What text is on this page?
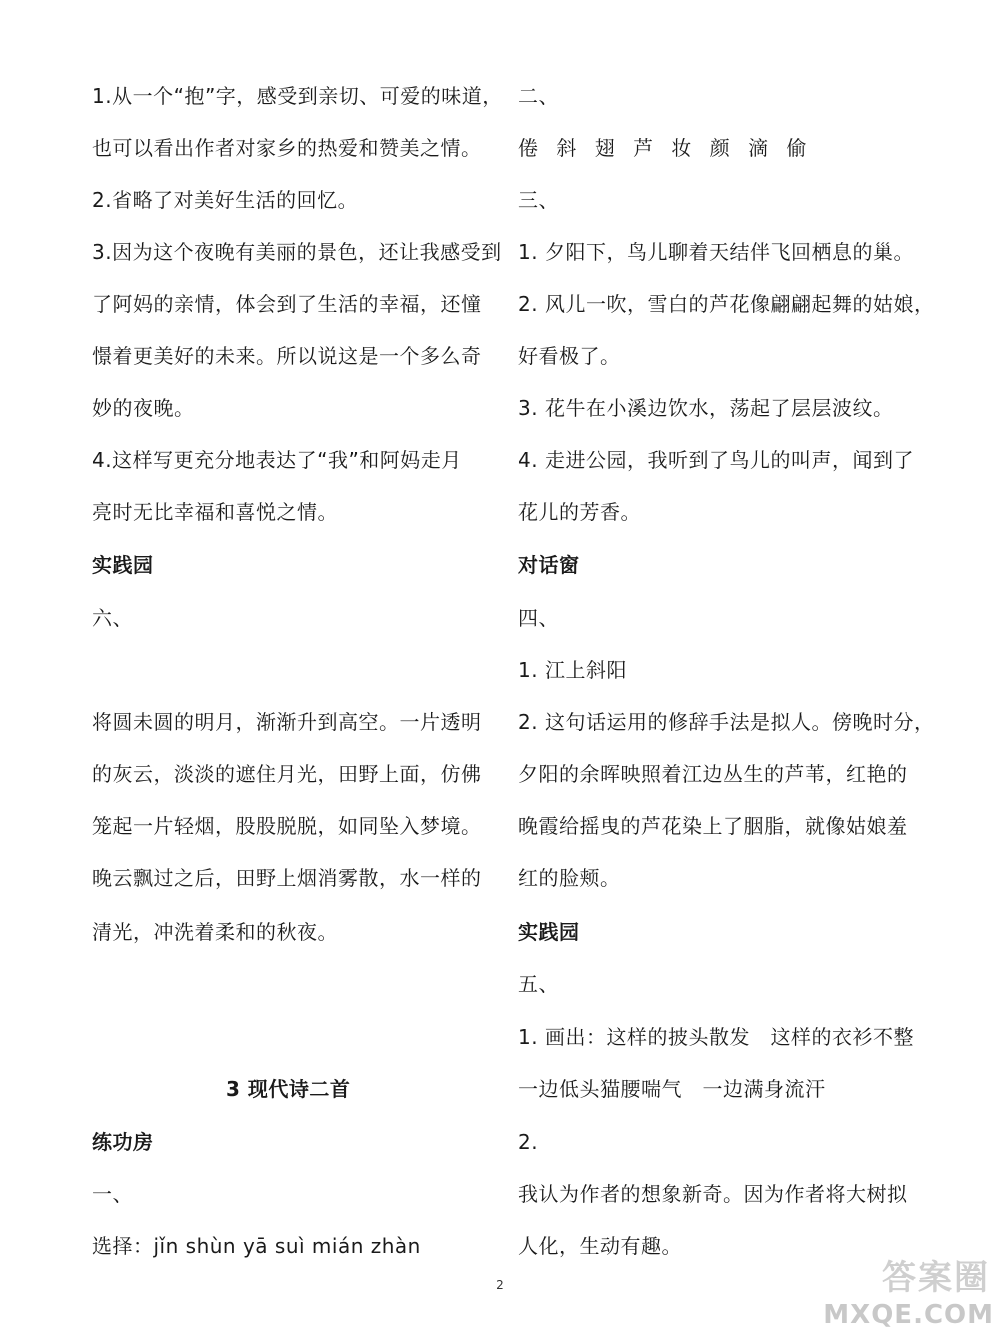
1.从一个“抱”字，感受到亲切、可爱的味道，
也可以看出作者对家乡的热爱和赞美之情。
2.省略了对美好生活的回忆。
3.因为这个夜晚有美丽的景色，还让我感受到
了阿妈的亲情，体会到了生活的幸福，还憧
憬着更美好的未来。所以说这是一个多么奇
妙的夜晚。
4.这样写更充分地表达了“我”和阿妈走月
亮时无比幸福和喜悦之情。
实践园
六、
将圆未圆的明月，渐渐升到高空。一片透明
的灰云，淡淡的遮住月光，田野上面，仿佛
笼起一片轻烟，股股脱脱，如同坠入梦境。
晚云飘过之后，田野上烟消雾散，水一样的
清光，冲洗着柔和的秋夜。
3 现代诗二首
练功房
一、
选择：jǐn shùn yā suì mián zhàn
二、
倦 斜 翅 芦 妆 颜 滴 偷
三、
1. 夕阳下，鸟儿聊着天结伴飞回栖息的巢。
2. 风儿一吹，雪白的芦花像翩翩起舞的姑娘，
好看极了。
3. 花牛在小溪边饮水，荡起了层层波纹。
4. 走进公园，我听到了鸟儿的叫声，闻到了
花儿的芳香。
对话窗
四、
1. 江上斜阳
2. 这句话运用的修辞手法是拟人。傍晚时分，
夕阳的余晖映照着江边丛生的芦苇，红艳的
晚霞给摇曳的芦花染上了胭脂，就像姑娘羞
红的脸颊。
实践园
五、
1. 画出：这样的披头散发　这样的衣衫不整
一边低头猫腰喘气　一边满身流汗
2.
我认为作者的想象新奇。因为作者将大树拟
人化，生动有趣。
2	答案圈
MXQE.COM
